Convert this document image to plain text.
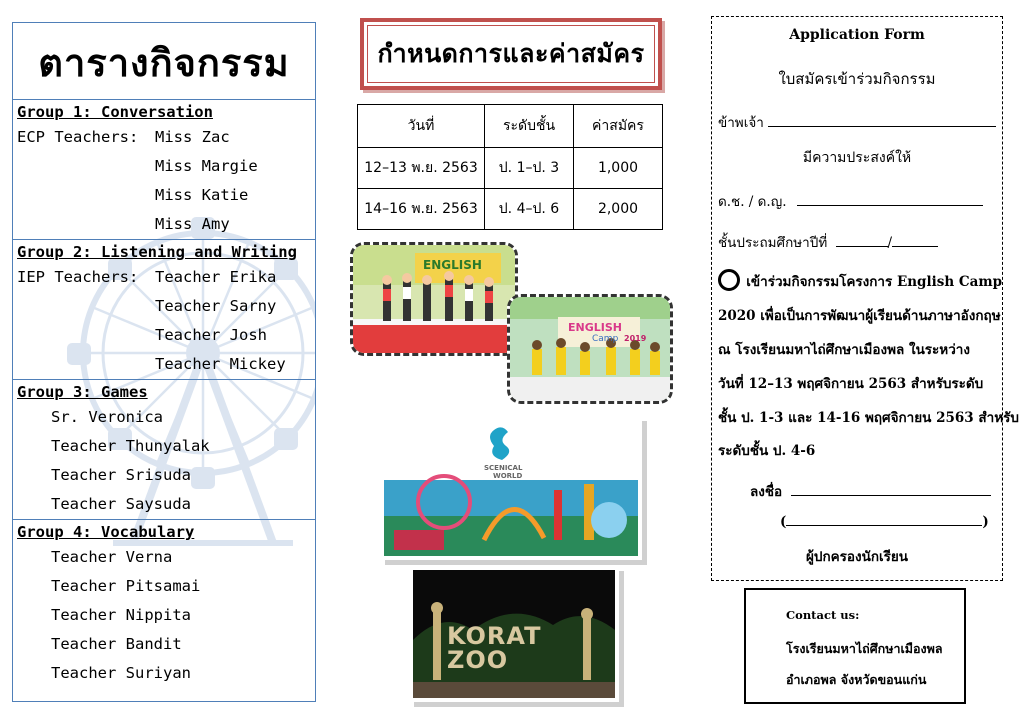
ตารางกิจกรรม
Group 1: Conversation
ECP Teachers: Miss Zac
Miss Margie
Miss Katie
Miss Amy
Group 2: Listening and Writing
IEP Teachers: Teacher Erika
Teacher Sarny
Teacher Josh
Teacher Mickey
Group 3: Games
Sr. Veronica
Teacher Thunyalak
Teacher Srisuda
Teacher Saysuda
Group 4: Vocabulary
Teacher Verna
Teacher Pitsamai
Teacher Nippita
Teacher Bandit
Teacher Suriyan
กำหนดการและค่าสมัคร
วันที่	ระดับชั้น	ค่าสมัคร
12–13 พ.ย. 2563	ป. 1–ป. 3	1,000
14–16 พ.ย. 2563	ป. 4–ป. 6	2,000
ENGLISH
ENGLISH
Camp 2019
SCENICAL
WORLD
KORAT ZOO
Application Form
ใบสมัครเข้าร่วมกิจกรรม
ข้าพเจ้า
มีความประสงค์ให้
ด.ช. / ด.ญ.
ชั้นประถมศึกษาปีที่	/
เข้าร่วมกิจกรรมโครงการ English Camp
2020 เพื่อเป็นการพัฒนาผู้เรียนด้านภาษาอังกฤษ
ณ โรงเรียนมหาไถ่ศึกษาเมืองพล ในระหว่าง
วันที่ 12–13 พฤศจิกายน 2563 สำหรับระดับ
ชั้น ป. 1-3 และ 14-16 พฤศจิกายน 2563 สำหรับ
ระดับชั้น ป. 4-6
ลงชื่อ
(	)
ผู้ปกครองนักเรียน
Contact us:
โรงเรียนมหาไถ่ศึกษาเมืองพล
อำเภอพล จังหวัดขอนแก่น
